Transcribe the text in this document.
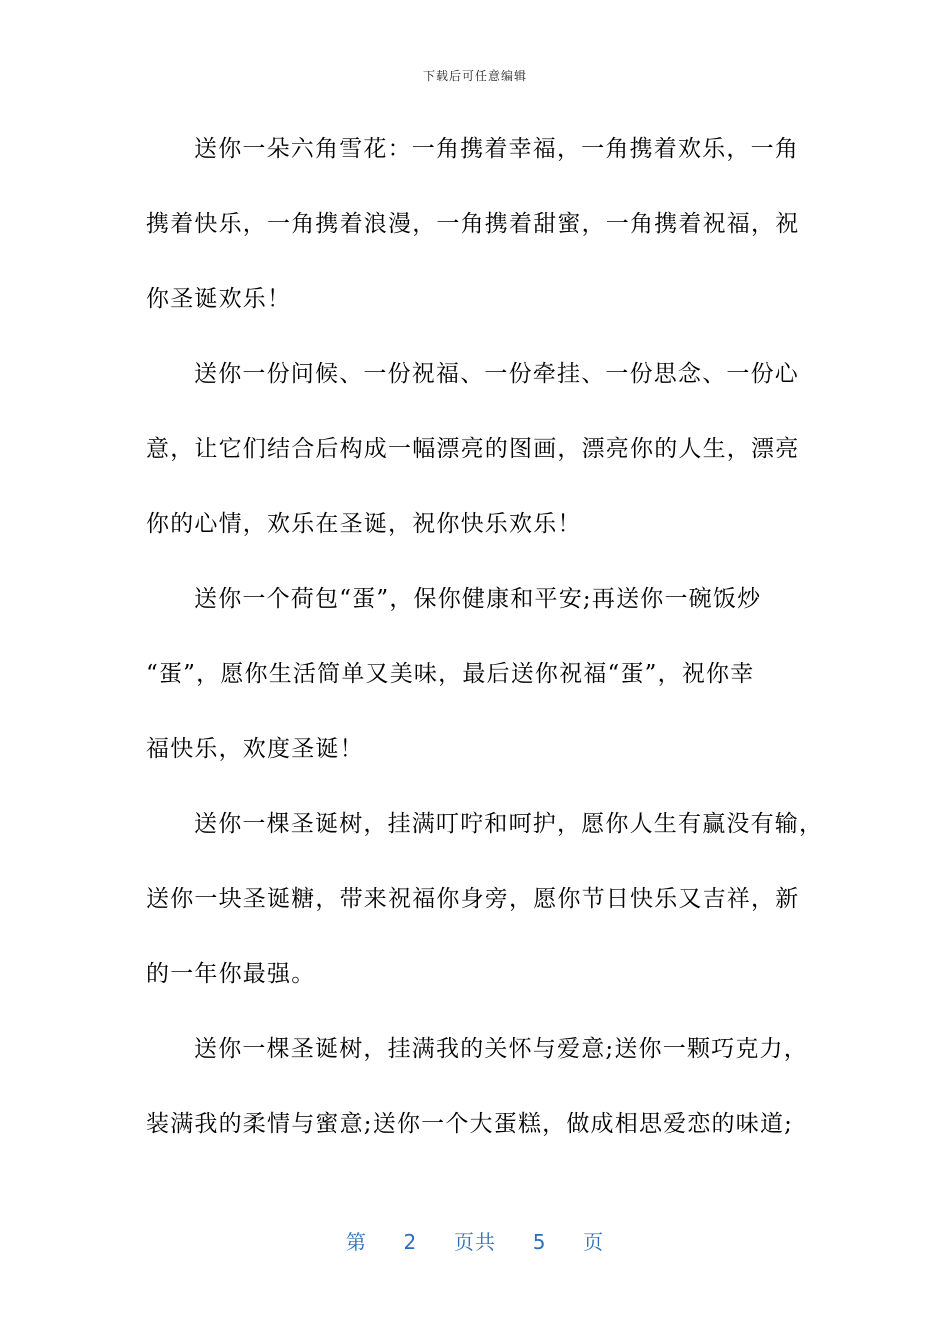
下载后可任意编辑
送你一朵六角雪花：一角携着幸福，一角携着欢乐，一角
携着快乐，一角携着浪漫，一角携着甜蜜，一角携着祝福，祝
你圣诞欢乐！
送你一份问候、一份祝福、一份牵挂、一份思念、一份心
意，让它们结合后构成一幅漂亮的图画，漂亮你的人生，漂亮
你的心情，欢乐在圣诞，祝你快乐欢乐！
送你一个荷包“蛋”，保你健康和平安;再送你一碗饭炒
“蛋”，愿你生活简单又美味，最后送你祝福“蛋”，祝你幸
福快乐，欢度圣诞！
送你一棵圣诞树，挂满叮咛和呵护，愿你人生有赢没有输，
送你一块圣诞糖，带来祝福你身旁，愿你节日快乐又吉祥，新
的一年你最强。
送你一棵圣诞树，挂满我的关怀与爱意;送你一颗巧克力，
装满我的柔情与蜜意;送你一个大蛋糕，做成相思爱恋的味道;
第 2 页共 5 页
